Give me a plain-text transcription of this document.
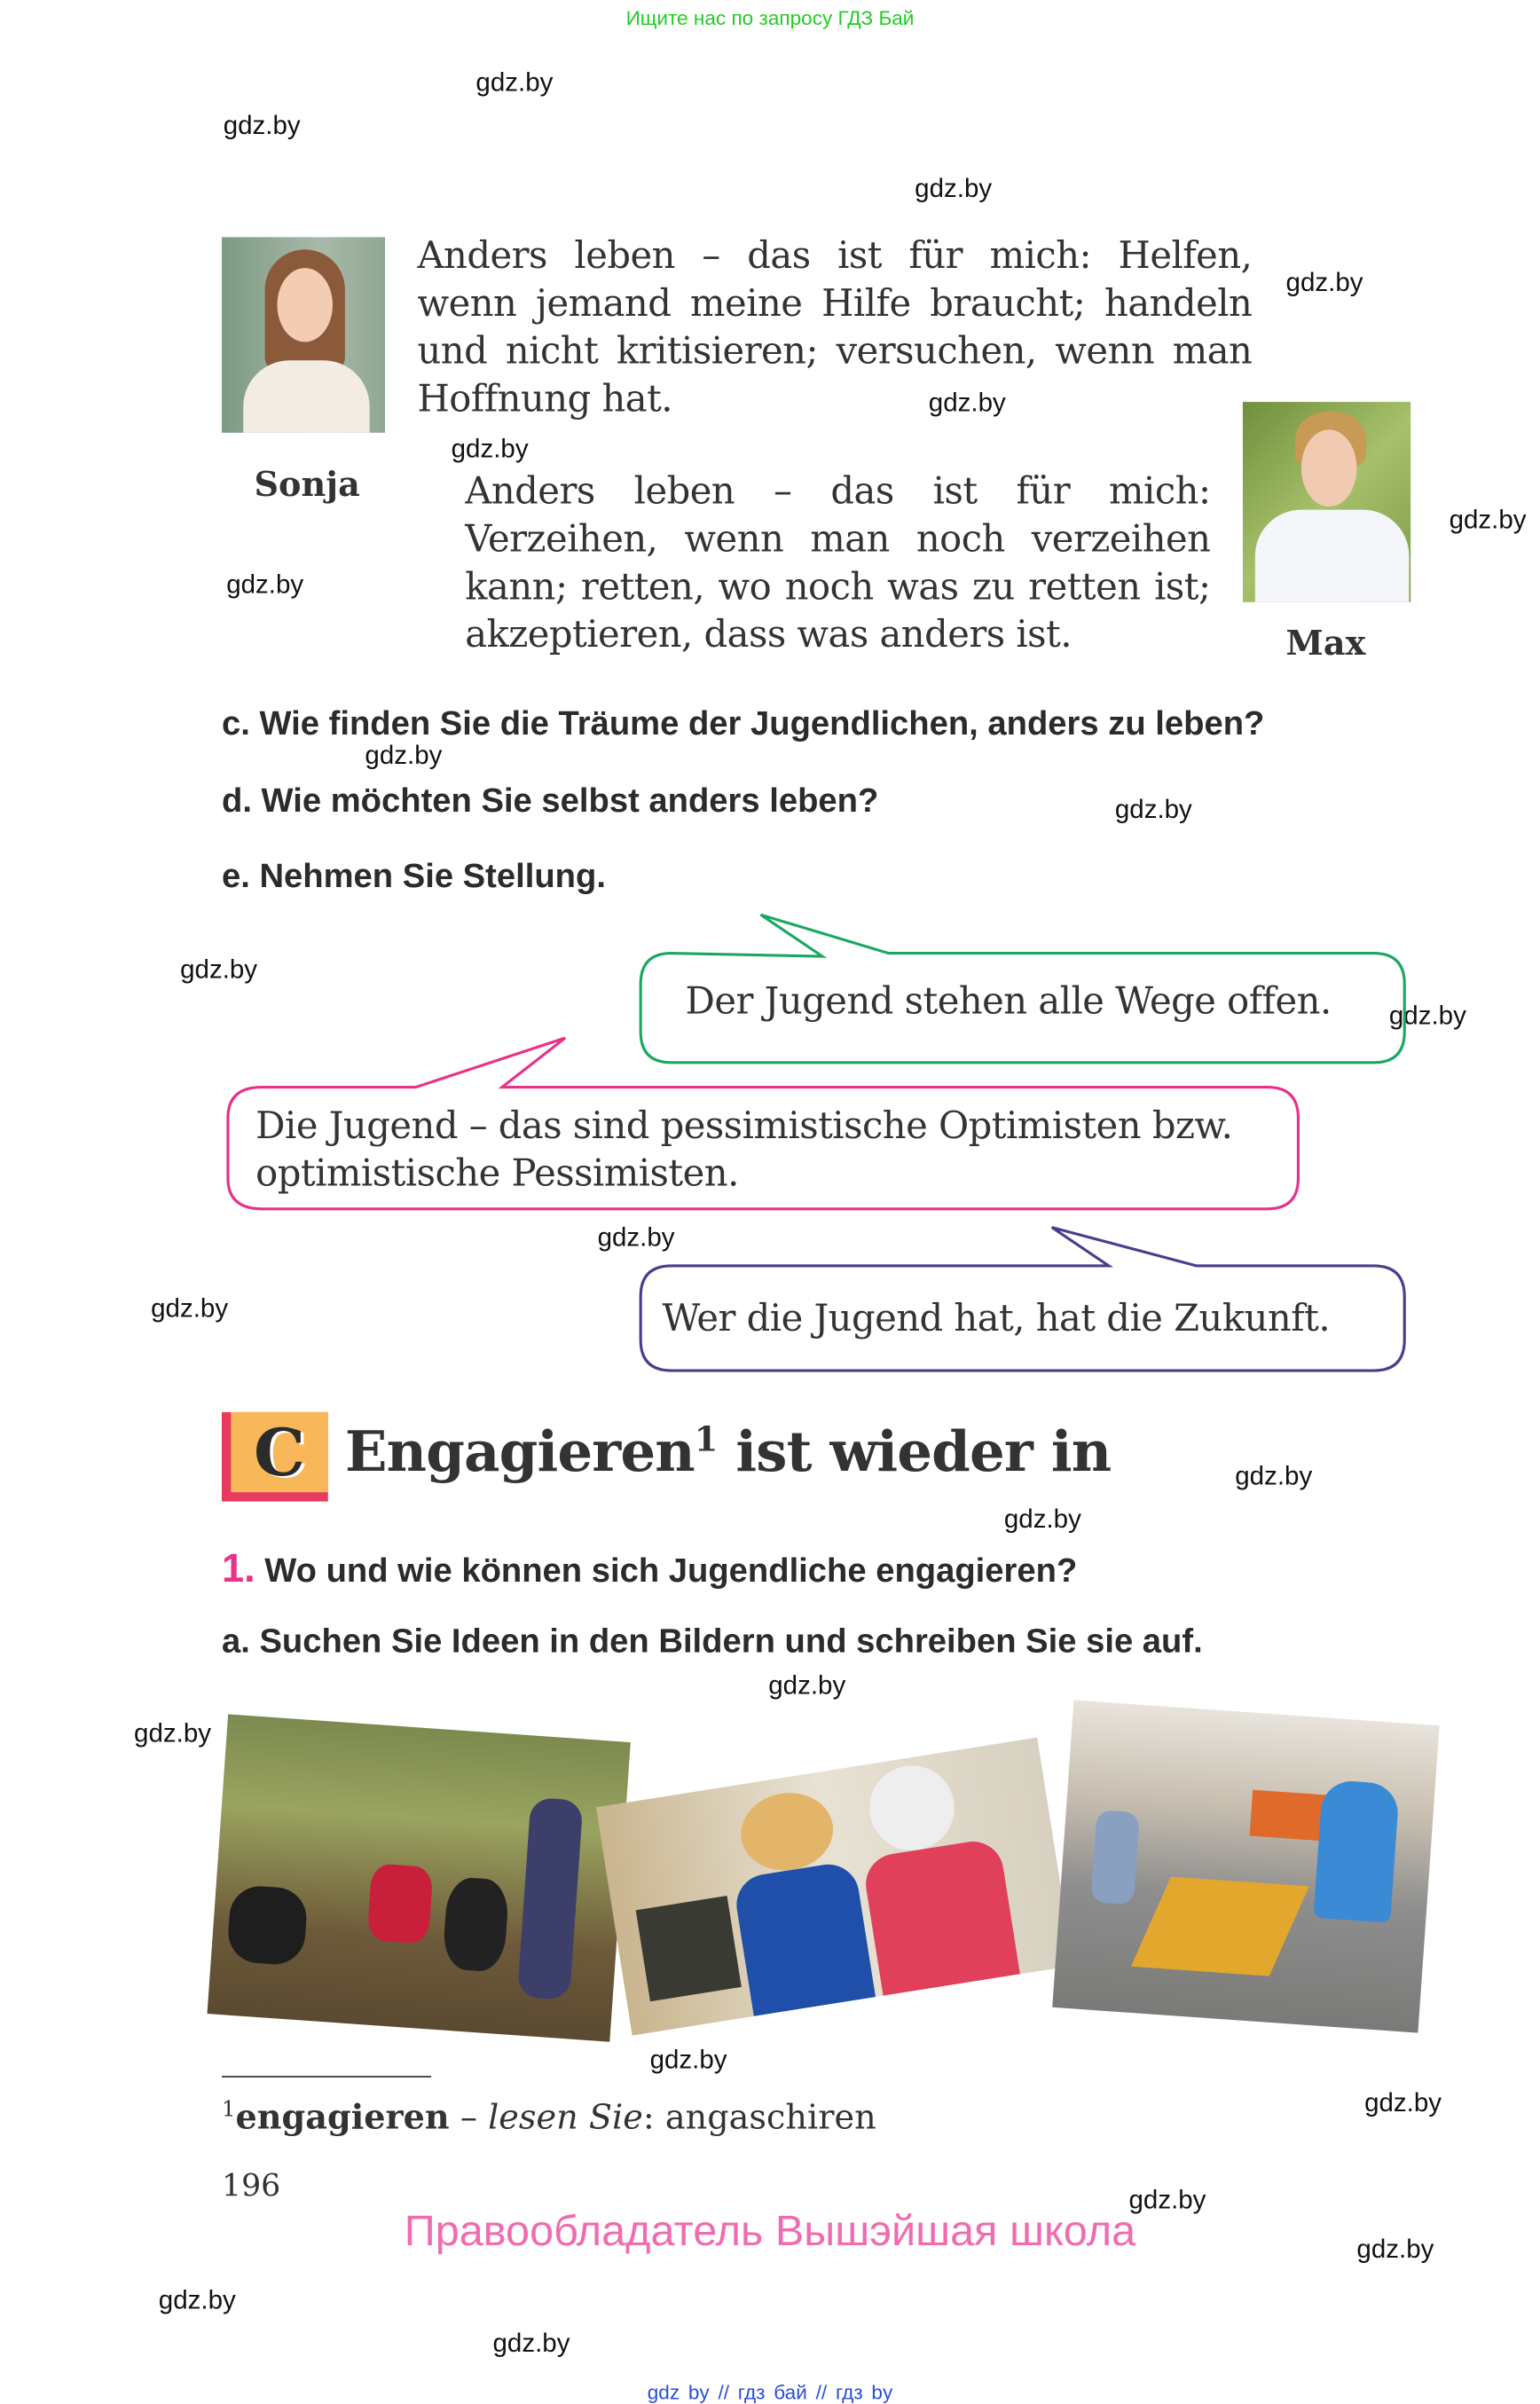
Ищите нас по запросу ГДЗ Бай
gdz.by
gdz.by
gdz.by
gdz.by
gdz.by
gdz.by
gdz.by
gdz.by
gdz.by
gdz.by
gdz.by
gdz.by
gdz.by
gdz.by
gdz.by
gdz.by
gdz.by
gdz.by
gdz.by
gdz.by
gdz.by
gdz.by
gdz.by
gdz.by
Sonja
Anders leben – das ist für mich: Helfen, wenn jemand meine Hilfe braucht; handeln und nicht kritisieren; versuchen, wenn man Hoffnung hat.
Max
Anders leben – das ist für mich: Verzeihen, wenn man noch verzeihen kann; retten, wo noch was zu retten ist; akzeptieren, dass was anders ist.
c. Wie finden Sie die Träume der Jugendlichen, anders zu leben?
d. Wie möchten Sie selbst anders leben?
e. Nehmen Sie Stellung.
Der Jugend stehen alle Wege offen.
Die Jugend – das sind pessimistische Optimisten bzw.
optimistische Pessimisten.
Wer die Jugend hat, hat die Zukunft.
C	Engagieren$^1$ ist wieder in
1. Wo und wie können sich Jugendliche engagieren?
a. Suchen Sie Ideen in den Bildern und schreiben Sie sie auf.
$^1$engagieren – lesen Sie: angaschiren
196
Правообладатель Вышэйшая школа
gdz by // гдз бай // гдз by
